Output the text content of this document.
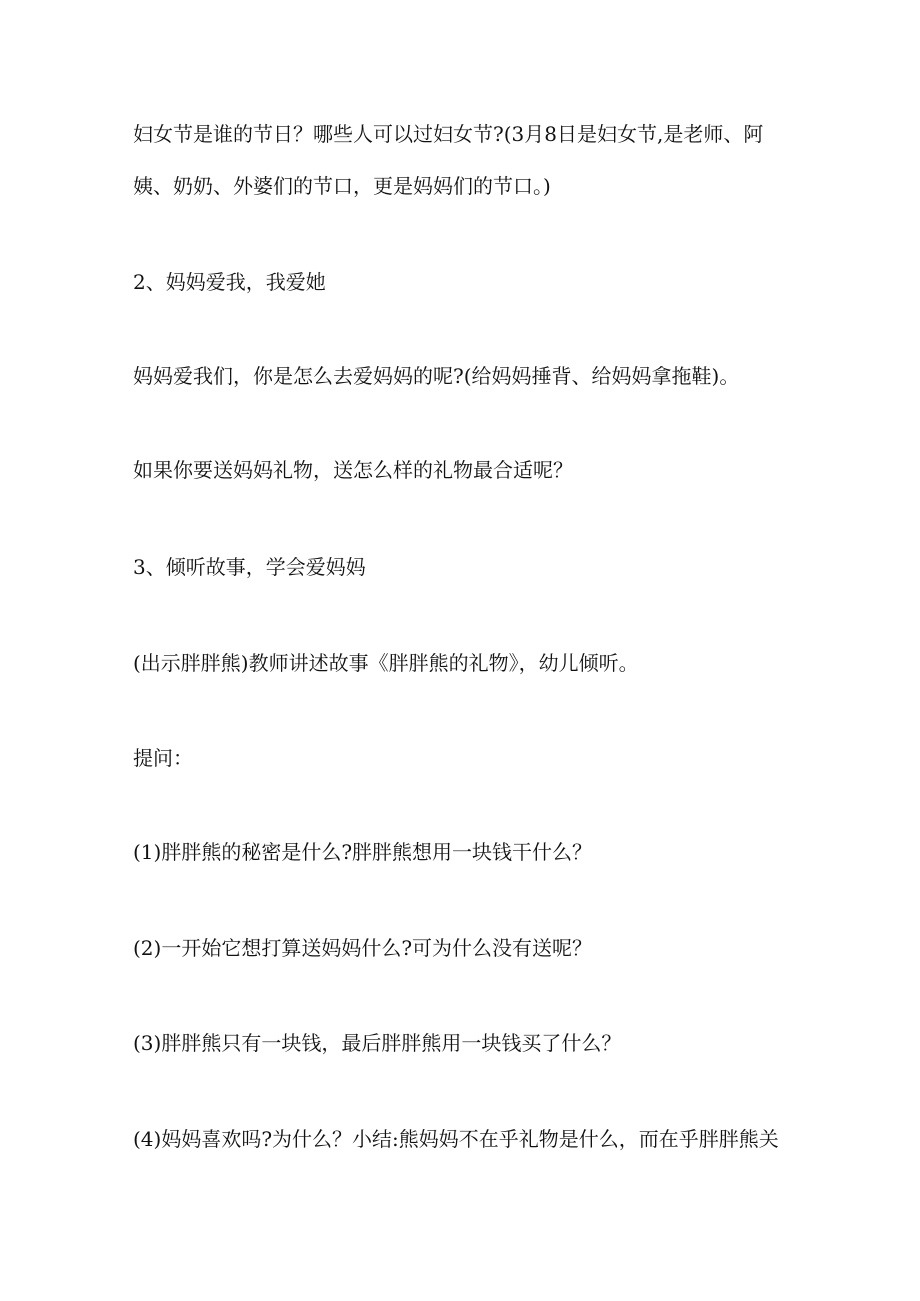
妇女节是谁的节日？哪些人可以过妇女节?(3月8日是妇女节,是老师、阿

姨、奶奶、外婆们的节口，更是妈妈们的节口。)

2、妈妈爱我，我爱她

妈妈爱我们，你是怎么去爱妈妈的呢?(给妈妈捶背、给妈妈拿拖鞋)。

如果你要送妈妈礼物，送怎么样的礼物最合适呢？

3、倾听故事，学会爱妈妈

(出示胖胖熊)教师讲述故事《胖胖熊的礼物》，幼儿倾听。

提问：

(1)胖胖熊的秘密是什么?胖胖熊想用一块钱干什么？

(2)一开始它想打算送妈妈什么?可为什么没有送呢？

(3)胖胖熊只有一块钱，最后胖胖熊用一块钱买了什么？

(4)妈妈喜欢吗?为什么？小结:熊妈妈不在乎礼物是什么，而在乎胖胖熊关
